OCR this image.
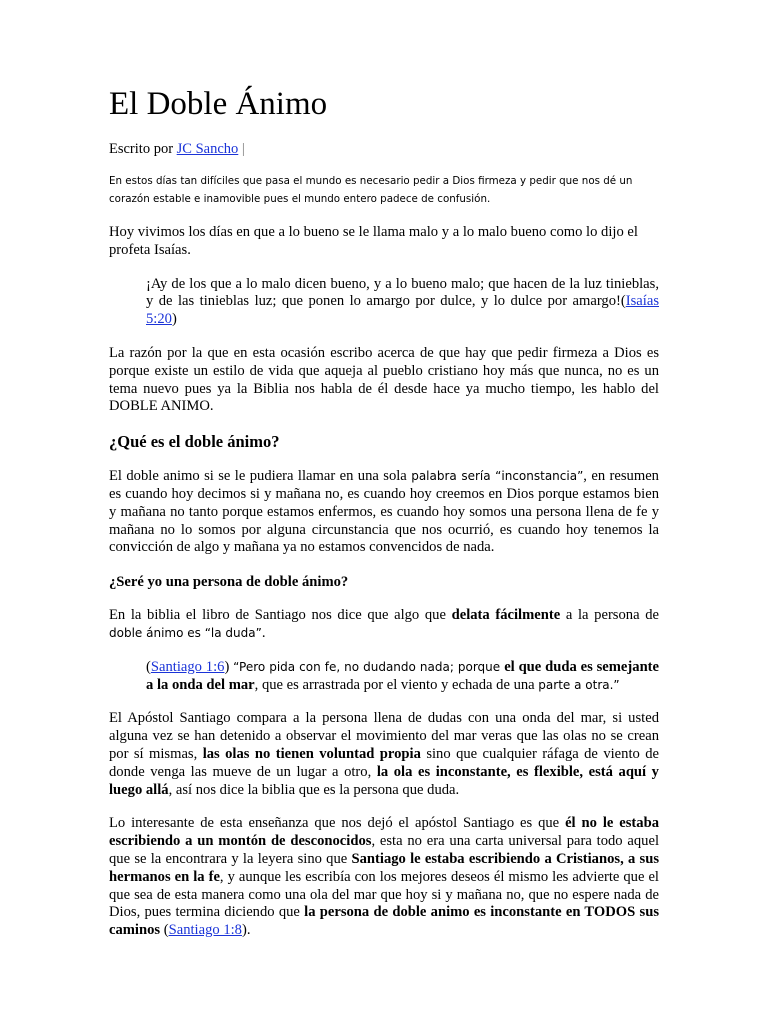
El Doble Ánimo
Escrito por JC Sancho |
En estos días tan difíciles que pasa el mundo es necesario pedir a Dios firmeza y pedir que nos dé un corazón estable e inamovible pues el mundo entero padece de confusión.

Hoy vivimos los días en que a lo bueno se le llama malo y a lo malo bueno como lo dijo el profeta Isaías.

¡Ay de los que a lo malo dicen bueno, y a lo bueno malo; que hacen de la luz tinieblas, y de las tinieblas luz; que ponen lo amargo por dulce, y lo dulce por amargo!(Isaías 5:20)

La razón por la que en esta ocasión escribo acerca de que hay que pedir firmeza a Dios es porque existe un estilo de vida que aqueja al pueblo cristiano hoy más que nunca, no es un tema nuevo pues ya la Biblia nos habla de él desde hace ya mucho tiempo, les hablo del DOBLE ANIMO.

¿Qué es el doble ánimo?

El doble animo si se le pudiera llamar en una sola palabra sería “inconstancia”, en resumen es cuando hoy decimos si y mañana no, es cuando hoy creemos en Dios porque estamos bien y mañana no tanto porque estamos enfermos, es cuando hoy somos una persona llena de fe y mañana no lo somos por alguna circunstancia que nos ocurrió, es cuando hoy tenemos la convicción de algo y mañana ya no estamos convencidos de nada.

¿Seré yo una persona de doble ánimo?

En la biblia el libro de Santiago nos dice que algo que delata fácilmente a la persona de doble ánimo es “la duda”.

(Santiago 1:6) “Pero pida con fe, no dudando nada; porque el que duda es semejante a la onda del mar, que es arrastrada por el viento y echada de una parte a otra.”

El Apóstol Santiago compara a la persona llena de dudas con una onda del mar, si usted alguna vez se han detenido a observar el movimiento del mar veras que las olas no se crean por sí mismas, las olas no tienen voluntad propia sino que cualquier ráfaga de viento de donde venga las mueve de un lugar a otro, la ola es inconstante, es flexible, está aquí y luego allá, así nos dice la biblia que es la persona que duda.

Lo interesante de esta enseñanza que nos dejó el apóstol Santiago es que él no le estaba escribiendo a un montón de desconocidos, esta no era una carta universal para todo aquel que se la encontrara y la leyera sino que Santiago le estaba escribiendo a Cristianos, a sus hermanos en la fe, y aunque les escribía con los mejores deseos él mismo les advierte que el que sea de esta manera como una ola del mar que hoy si y mañana no, que no espere nada de Dios, pues termina diciendo que la persona de doble animo es inconstante en TODOS sus caminos (Santiago 1:8).
